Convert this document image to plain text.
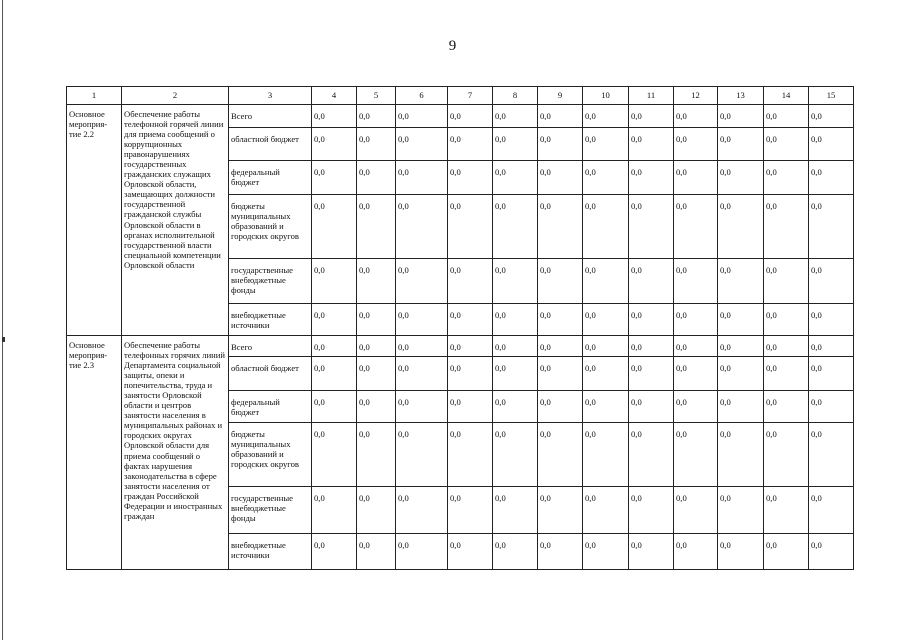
9
1	2	3	4	5	6	7	8	9	10	11	12	13	14	15
Основное мероприя-тие 2.2	Обеспечение работы телефонной горячей линии для приема сообщений о коррупционных правонарушениях государственных гражданских служащих Орловской области, замещающих должности государственной гражданской службы Орловской области в органах исполнительной государственной власти специальной компетенции Орловской области	Всего	0,0	0,0	0,0	0,0	0,0	0,0	0,0	0,0	0,0	0,0	0,0	0,0
		областной бюджет	0,0	0,0	0,0	0,0	0,0	0,0	0,0	0,0	0,0	0,0	0,0	0,0
		федеральный бюджет	0,0	0,0	0,0	0,0	0,0	0,0	0,0	0,0	0,0	0,0	0,0	0,0
		бюджеты муниципальных образований и городских округов	0,0	0,0	0,0	0,0	0,0	0,0	0,0	0,0	0,0	0,0	0,0	0,0
		государственные внебюджетные фонды	0,0	0,0	0,0	0,0	0,0	0,0	0,0	0,0	0,0	0,0	0,0	0,0
		внебюджетные источники	0,0	0,0	0,0	0,0	0,0	0,0	0,0	0,0	0,0	0,0	0,0	0,0
Основное мероприя-тие 2.3	Обеспечение работы телефонных горячих линий Департамента социальной защиты, опеки и попечительства, труда и занятости Орловской области и центров занятости населения в муниципальных районах и городских округах Орловской области для приема сообщений о фактах нарушения законодательства в сфере занятости населения от граждан Российской Федерации и иностранных граждан	Всего	0,0	0,0	0,0	0,0	0,0	0,0	0,0	0,0	0,0	0,0	0,0	0,0
		областной бюджет	0,0	0,0	0,0	0,0	0,0	0,0	0,0	0,0	0,0	0,0	0,0	0,0
		федеральный бюджет	0,0	0,0	0,0	0,0	0,0	0,0	0,0	0,0	0,0	0,0	0,0	0,0
		бюджеты муниципальных образований и городских округов	0,0	0,0	0,0	0,0	0,0	0,0	0,0	0,0	0,0	0,0	0,0	0,0
		государственные внебюджетные фонды	0,0	0,0	0,0	0,0	0,0	0,0	0,0	0,0	0,0	0,0	0,0	0,0
		внебюджетные источники	0,0	0,0	0,0	0,0	0,0	0,0	0,0	0,0	0,0	0,0	0,0	0,0
